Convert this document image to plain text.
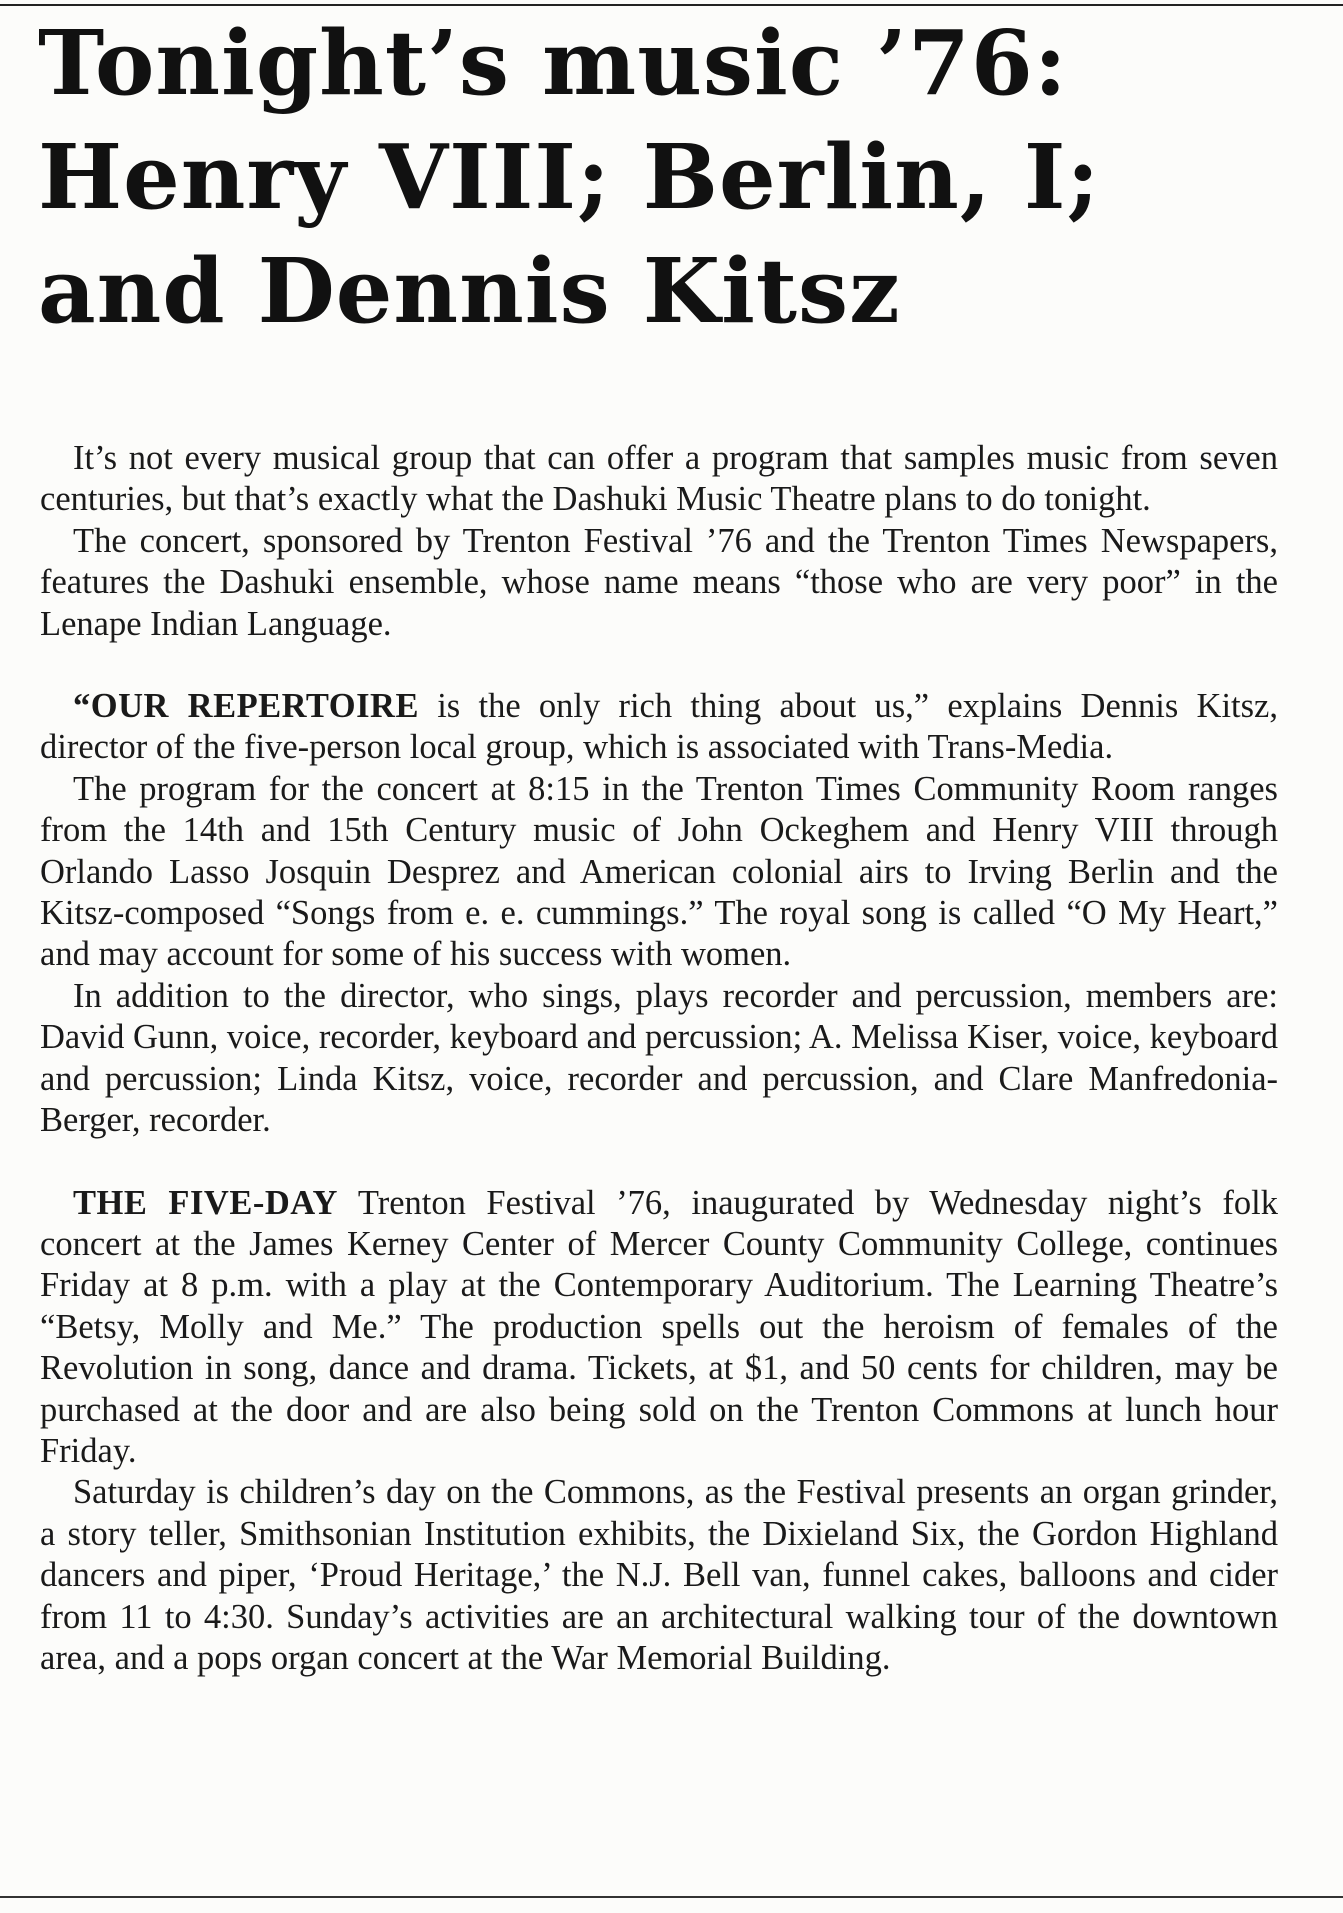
Tonight’s music ’76:
Henry VIII; Berlin, I;
and Dennis Kitsz

It’s not every musical group that can offer a program that samples music from seven centuries, but that’s exactly what the Dashuki Music Theatre plans to do tonight.

The concert, sponsored by Trenton Festival ’76 and the Trenton Times Newspapers, features the Dashuki ensemble, whose name means “those who are very poor” in the Lenape Indian Language.

“OUR REPERTOIRE is the only rich thing about us,” explains Dennis Kitsz, director of the five-person local group, which is associated with Trans-Media.

The program for the concert at 8:15 in the Trenton Times Community Room ranges from the 14th and 15th Century music of John Ockeghem and Henry VIII through Orlando Lasso Josquin Desprez and American colonial airs to Irving Berlin and the Kitsz-composed “Songs from e. e. cummings.” The royal song is called “O My Heart,” and may account for some of his success with women.

In addition to the director, who sings, plays recorder and percussion, members are: David Gunn, voice, recorder, keyboard and percussion; A. Melissa Kiser, voice, keyboard and percussion; Linda Kitsz, voice, recorder and percussion, and Clare Manfredonia-Berger, recorder.

THE FIVE-DAY Trenton Festival ’76, inaugurated by Wednesday night’s folk concert at the James Kerney Center of Mercer County Community College, continues Friday at 8 p.m. with a play at the Contemporary Auditorium. The Learning Theatre’s “Betsy, Molly and Me.” The production spells out the heroism of females of the Revolution in song, dance and drama. Tickets, at $1, and 50 cents for children, may be purchased at the door and are also being sold on the Trenton Commons at lunch hour Friday.

Saturday is children’s day on the Commons, as the Festival presents an organ grinder, a story teller, Smithsonian Institution exhibits, the Dixieland Six, the Gordon Highland dancers and piper, ‘Proud Heritage,’ the N.J. Bell van, funnel cakes, balloons and cider from 11 to 4:30. Sunday’s activities are an architectural walking tour of the downtown area, and a pops organ concert at the War Memorial Building.
